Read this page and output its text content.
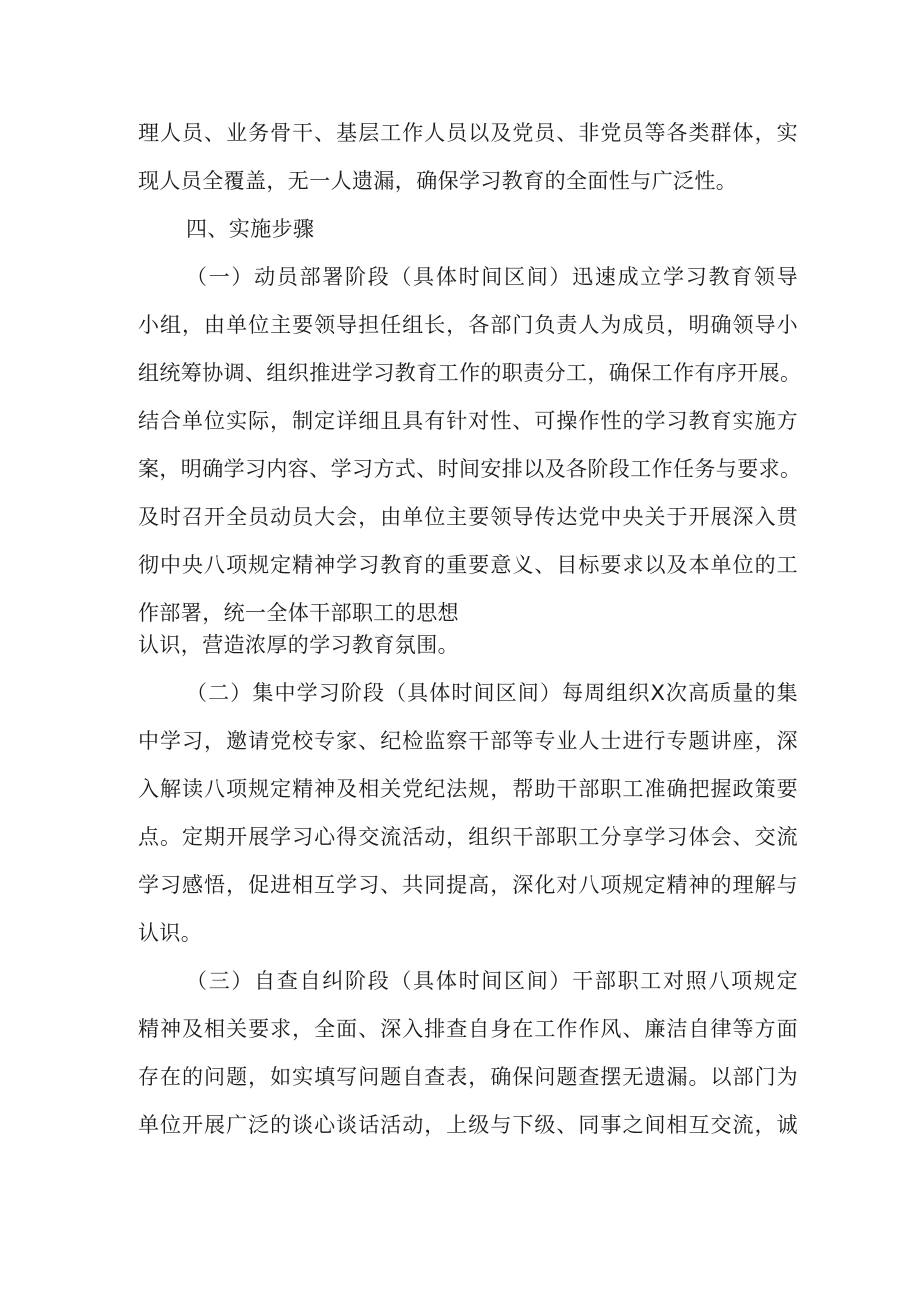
理人员、业务骨干、基层工作人员以及党员、非党员等各类群体，实
现人员全覆盖，无一人遗漏，确保学习教育的全面性与广泛性。
四、实施步骤
（一）动员部署阶段（具体时间区间）迅速成立学习教育领导
小组，由单位主要领导担任组长，各部门负责人为成员，明确领导小
组统筹协调、组织推进学习教育工作的职责分工，确保工作有序开展。
结合单位实际，制定详细且具有针对性、可操作性的学习教育实施方
案，明确学习内容、学习方式、时间安排以及各阶段工作任务与要求。
及时召开全员动员大会，由单位主要领导传达党中央关于开展深入贯
彻中央八项规定精神学习教育的重要意义、目标要求以及本单位的工
作部署，统一全体干部职工的思想
认识，营造浓厚的学习教育氛围。
（二）集中学习阶段（具体时间区间）每周组织X次高质量的集
中学习，邀请党校专家、纪检监察干部等专业人士进行专题讲座，深
入解读八项规定精神及相关党纪法规，帮助干部职工准确把握政策要
点。定期开展学习心得交流活动，组织干部职工分享学习体会、交流
学习感悟，促进相互学习、共同提高，深化对八项规定精神的理解与
认识。
（三）自查自纠阶段（具体时间区间）干部职工对照八项规定
精神及相关要求，全面、深入排查自身在工作作风、廉洁自律等方面
存在的问题，如实填写问题自查表，确保问题查摆无遗漏。以部门为
单位开展广泛的谈心谈话活动，上级与下级、同事之间相互交流，诚
